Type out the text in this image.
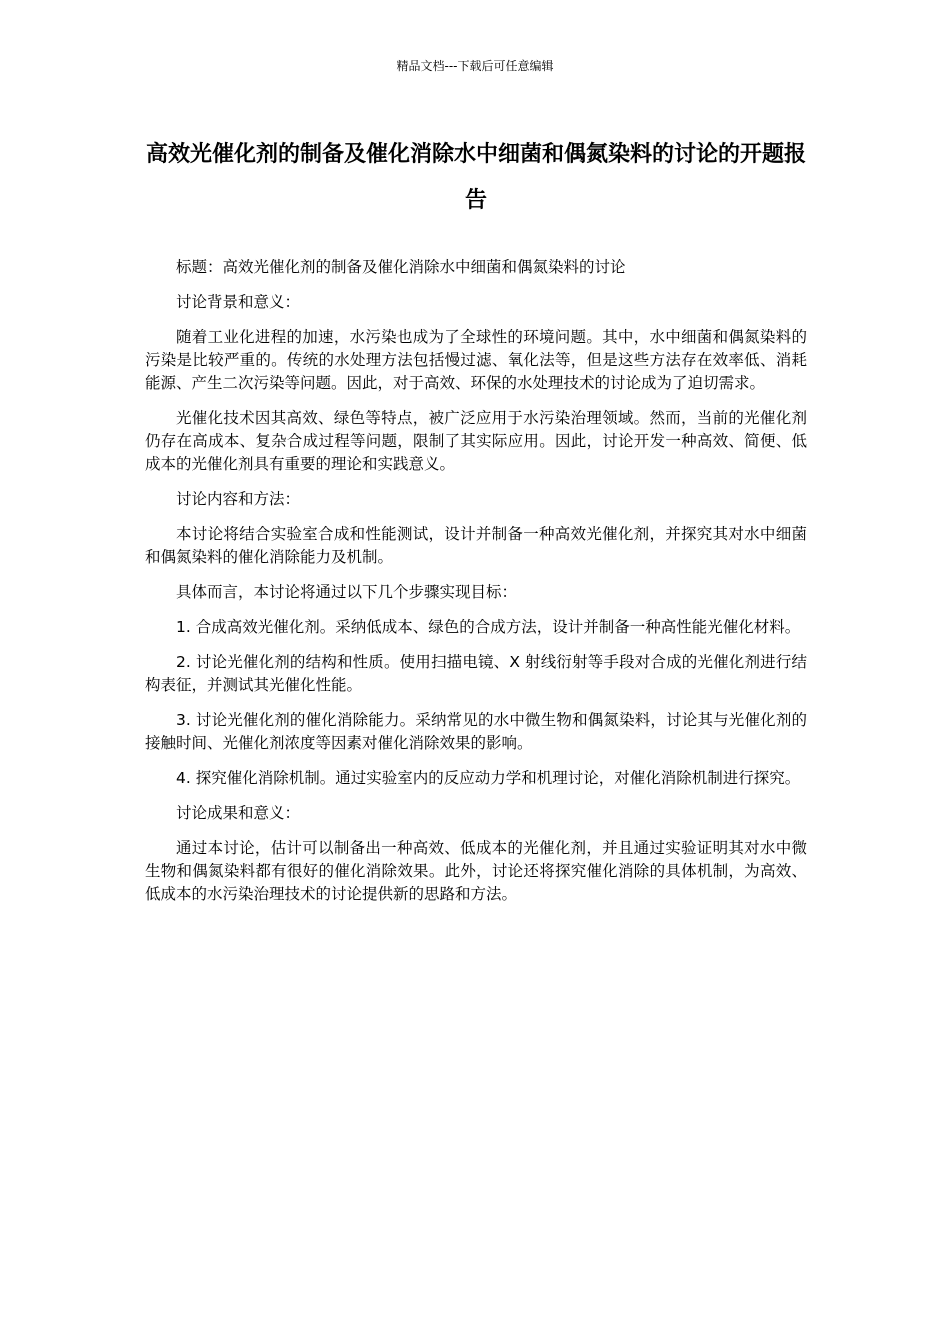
精品文档---下载后可任意编辑
高效光催化剂的制备及催化消除水中细菌和偶氮染料的讨论的开题报告

标题：高效光催化剂的制备及催化消除水中细菌和偶氮染料的讨论

讨论背景和意义：

随着工业化进程的加速，水污染也成为了全球性的环境问题。其中，水中细菌和偶氮染料的污染是比较严重的。传统的水处理方法包括慢过滤、氧化法等，但是这些方法存在效率低、消耗能源、产生二次污染等问题。因此，对于高效、环保的水处理技术的讨论成为了迫切需求。

光催化技术因其高效、绿色等特点，被广泛应用于水污染治理领域。然而，当前的光催化剂仍存在高成本、复杂合成过程等问题，限制了其实际应用。因此，讨论开发一种高效、简便、低成本的光催化剂具有重要的理论和实践意义。

讨论内容和方法：

本讨论将结合实验室合成和性能测试，设计并制备一种高效光催化剂，并探究其对水中细菌和偶氮染料的催化消除能力及机制。

具体而言，本讨论将通过以下几个步骤实现目标：

1. 合成高效光催化剂。采纳低成本、绿色的合成方法，设计并制备一种高性能光催化材料。

2. 讨论光催化剂的结构和性质。使用扫描电镜、X 射线衍射等手段对合成的光催化剂进行结构表征，并测试其光催化性能。

3. 讨论光催化剂的催化消除能力。采纳常见的水中微生物和偶氮染料，讨论其与光催化剂的接触时间、光催化剂浓度等因素对催化消除效果的影响。

4. 探究催化消除机制。通过实验室内的反应动力学和机理讨论，对催化消除机制进行探究。

讨论成果和意义：

通过本讨论，估计可以制备出一种高效、低成本的光催化剂，并且通过实验证明其对水中微生物和偶氮染料都有很好的催化消除效果。此外，讨论还将探究催化消除的具体机制，为高效、低成本的水污染治理技术的讨论提供新的思路和方法。
